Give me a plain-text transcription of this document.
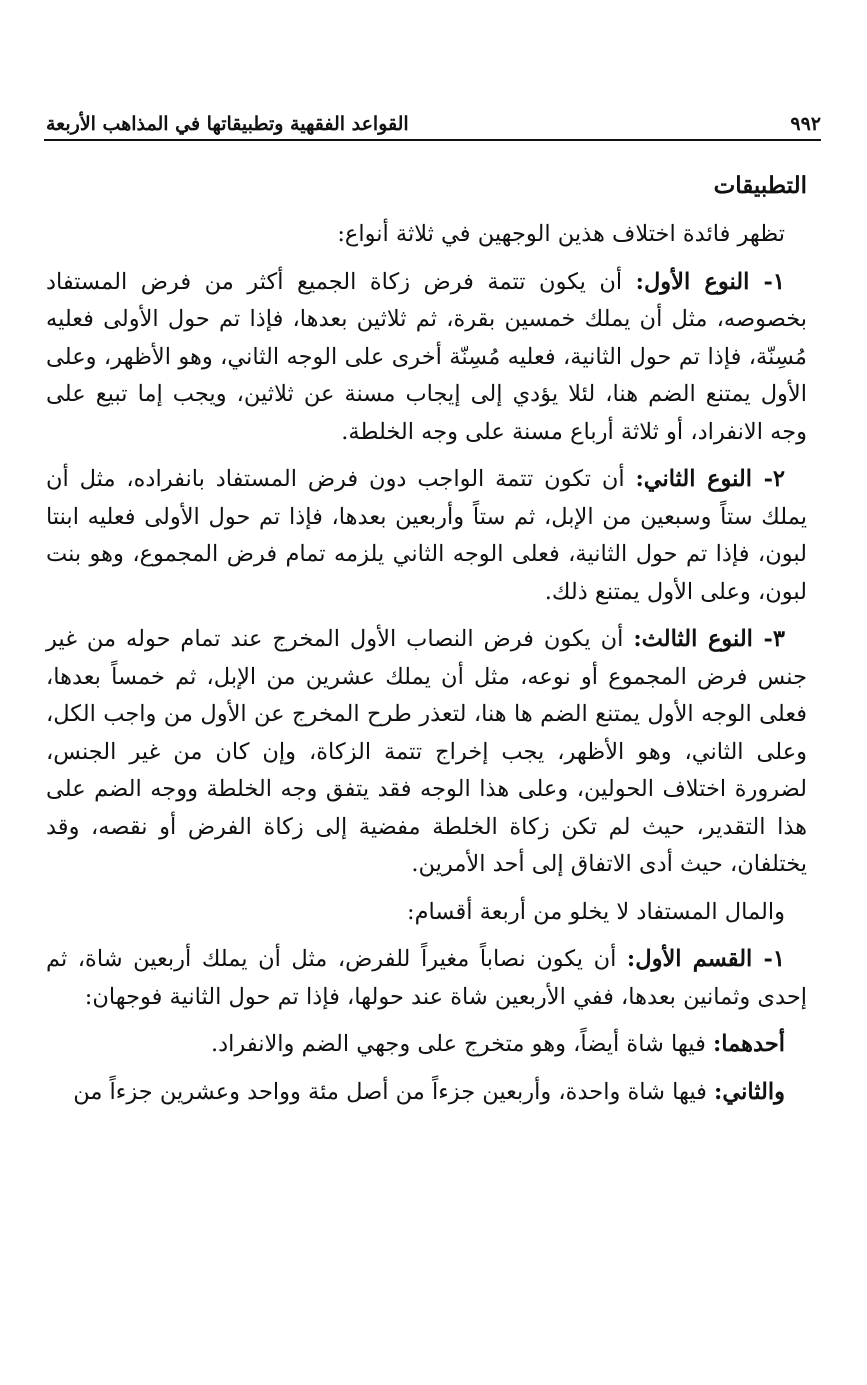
٩٩٢
القواعد الفقهية وتطبيقاتها في المذاهب الأربعة
التطبيقات

تظهر فائدة اختلاف هذين الوجهين في ثلاثة أنواع:

١- النوع الأول: أن يكون تتمة فرض زكاة الجميع أكثر من فرض المستفاد بخصوصه، مثل أن يملك خمسين بقرة، ثم ثلاثين بعدها، فإذا تم حول الأولى فعليه مُسِنّة، فإذا تم حول الثانية، فعليه مُسِنّة أخرى على الوجه الثاني، وهو الأظهر، وعلى الأول يمتنع الضم هنا، لئلا يؤدي إلى إيجاب مسنة عن ثلاثين، ويجب إما تبيع على وجه الانفراد، أو ثلاثة أرباع مسنة على وجه الخلطة.

٢- النوع الثاني: أن تكون تتمة الواجب دون فرض المستفاد بانفراده، مثل أن يملك ستاً وسبعين من الإبل، ثم ستاً وأربعين بعدها، فإذا تم حول الأولى فعليه ابنتا لبون، فإذا تم حول الثانية، فعلى الوجه الثاني يلزمه تمام فرض المجموع، وهو بنت لبون، وعلى الأول يمتنع ذلك.

٣- النوع الثالث: أن يكون فرض النصاب الأول المخرج عند تمام حوله من غير جنس فرض المجموع أو نوعه، مثل أن يملك عشرين من الإبل، ثم خمساً بعدها، فعلى الوجه الأول يمتنع الضم ها هنا، لتعذر طرح المخرج عن الأول من واجب الكل، وعلى الثاني، وهو الأظهر، يجب إخراج تتمة الزكاة، وإن كان من غير الجنس، لضرورة اختلاف الحولين، وعلى هذا الوجه فقد يتفق وجه الخلطة ووجه الضم على هذا التقدير، حيث لم تكن زكاة الخلطة مفضية إلى زكاة الفرض أو نقصه، وقد يختلفان، حيث أدى الاتفاق إلى أحد الأمرين.

والمال المستفاد لا يخلو من أربعة أقسام:

١- القسم الأول: أن يكون نصاباً مغيراً للفرض، مثل أن يملك أربعين شاة، ثم إحدى وثمانين بعدها، ففي الأربعين شاة عند حولها، فإذا تم حول الثانية فوجهان:

أحدهما: فيها شاة أيضاً، وهو متخرج على وجهي الضم والانفراد.

والثاني: فيها شاة واحدة، وأربعين جزءاً من أصل مئة وواحد وعشرين جزءاً من
